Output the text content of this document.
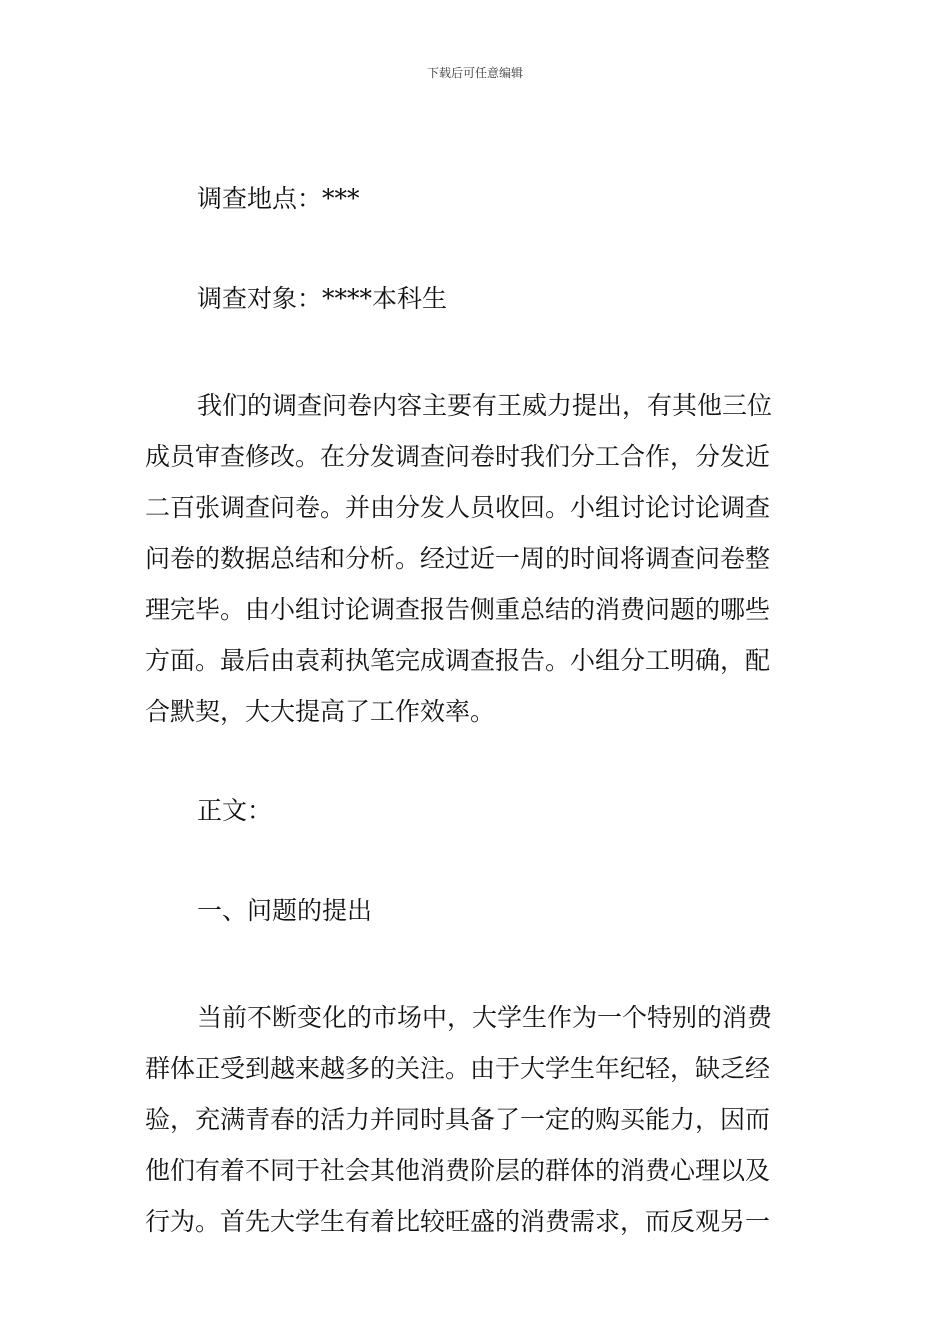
下载后可任意编辑
调查地点：***
调查对象：****本科生
我们的调查问卷内容主要有王威力提出，有其他三位
成员审查修改。在分发调查问卷时我们分工合作，分发近
二百张调查问卷。并由分发人员收回。小组讨论讨论调查
问卷的数据总结和分析。经过近一周的时间将调查问卷整
理完毕。由小组讨论调查报告侧重总结的消费问题的哪些
方面。最后由袁莉执笔完成调查报告。小组分工明确，配
合默契，大大提高了工作效率。
正文：
一、问题的提出
当前不断变化的市场中，大学生作为一个特别的消费
群体正受到越来越多的关注。由于大学生年纪轻，缺乏经
验，充满青春的活力并同时具备了一定的购买能力，因而
他们有着不同于社会其他消费阶层的群体的消费心理以及
行为。首先大学生有着比较旺盛的消费需求，而反观另一
